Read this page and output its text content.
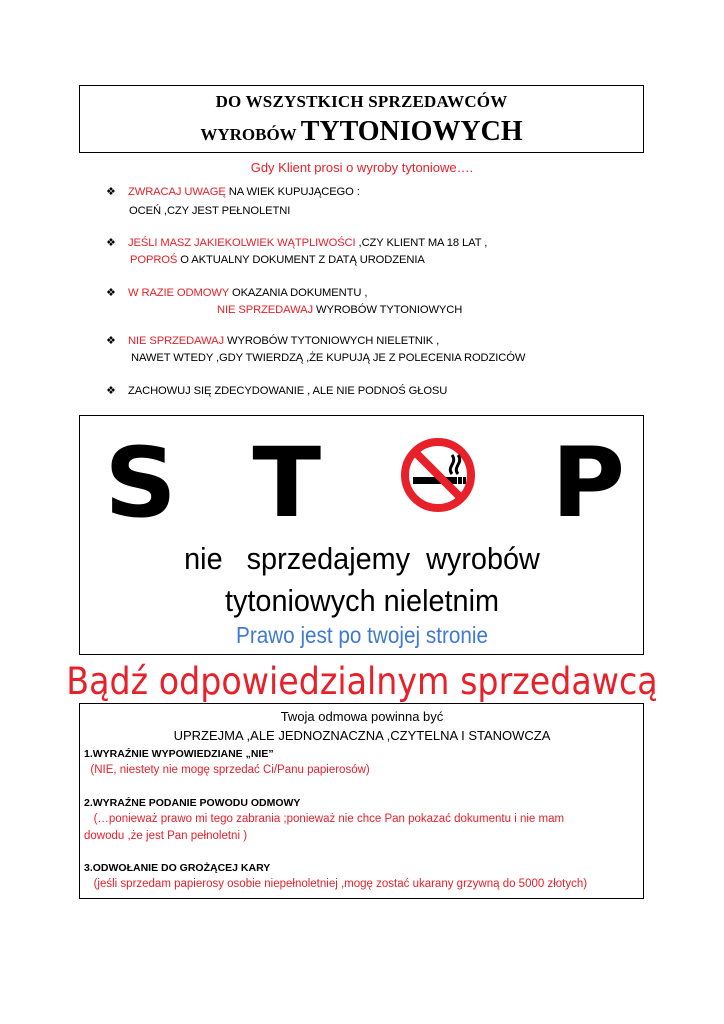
DO WSZYSTKICH SPRZEDAWCÓW
WYROBÓW TYTONIOWYCH
Gdy Klient prosi o wyroby tytoniowe….
❖ ZWRACAJ UWAGĘ NA WIEK KUPUJĄCEGO :
OCEŃ ,CZY JEST PEŁNOLETNI
❖ JEŚLI MASZ JAKIEKOLWIEK WĄTPLIWOŚCI ,CZY KLIENT MA 18 LAT ,
POPROŚ O AKTUALNY DOKUMENT Z DATĄ URODZENIA
❖ W RAZIE ODMOWY OKAZANIA DOKUMENTU ,
NIE SPRZEDAWAJ WYROBÓW TYTONIOWYCH
❖ NIE SPRZEDAWAJ WYROBÓW TYTONIOWYCH NIELETNIK ,
NAWET WTEDY ,GDY TWIERDZĄ ,ŻE KUPUJĄ JE Z POLECENIA RODZICÓW
❖ ZACHOWUJ SIĘ ZDECYDOWANIE , ALE NIE PODNOŚ GŁOSU
S T P
nie   sprzedajemy  wyrobów
tytoniowych nieletnim
Prawo jest po twojej stronie
Bądź odpowiedzialnym sprzedawcą
Twoja odmowa powinna być
UPRZEJMA ,ALE JEDNOZNACZNA ,CZYTELNA I STANOWCZA
1.WYRAŹNIE WYPOWIEDZIANE „NIE”
(NIE, niestety nie mogę sprzedać Ci/Panu papierosów)
2.WYRAŹNE PODANIE POWODU ODMOWY
(…ponieważ prawo mi tego zabrania ;ponieważ nie chce Pan pokazać dokumentu i nie mam
dowodu ,że jest Pan pełnoletni )
3.ODWOŁANIE DO GROŻĄCEJ KARY
(jeśli sprzedam papierosy osobie niepełnoletniej ,mogę zostać ukarany grzywną do 5000 złotych)
